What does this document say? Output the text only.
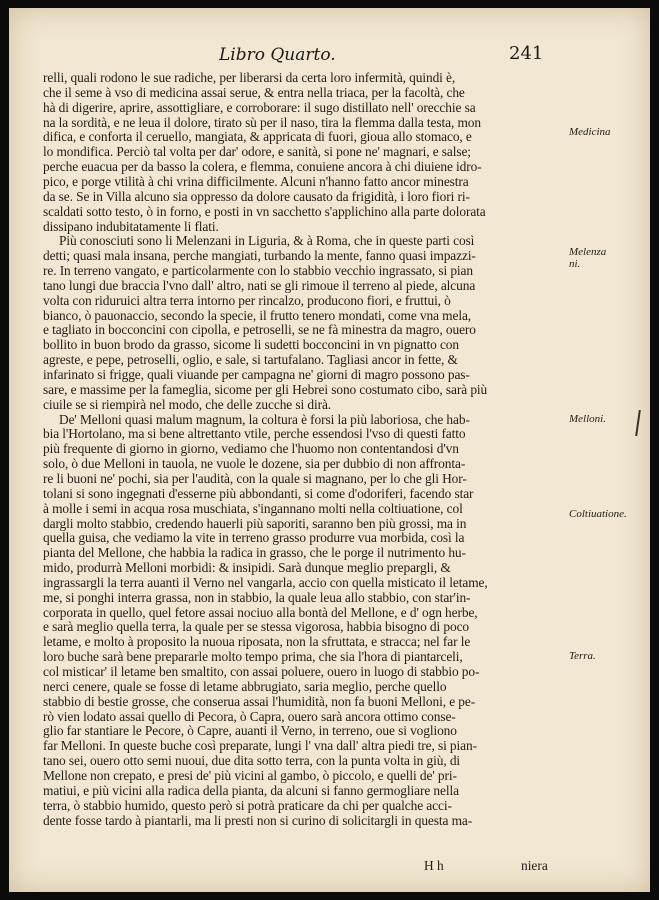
Libro Quarto.	241
relli, quali rodono le sue radiche, per liberarsi da certa loro infermità, quindi è,
che il seme à vso di medicina assai serue, & entra nella triaca, per la facoltà, che
hà di digerire, aprire, assottigliare, e corroborare: il sugo distillato nell' orecchie sa
na la sordità, e ne leua il dolore, tirato sù per il naso, tira la flemma dalla testa, mon
difica, e conforta il ceruello, mangiata, & appricata di fuori, gioua allo stomaco, e
lo mondifica. Perciò tal volta per dar' odore, e sanità, si pone ne' magnari, e salse;
perche euacua per da basso la colera, e flemma, conuiene ancora à chi diuiene idro-
pico, e porge vtilità à chi vrina difficilmente. Alcuni n'hanno fatto ancor minestra
da se. Se in Villa alcuno sia oppresso da dolore causato da frigidità, i loro fiori ri-
scaldati sotto testo, ò in forno, e posti in vn sacchetto s'applichino alla parte dolorata
dissipano indubitatamente li flati.
Più conosciuti sono li Melenzani in Liguria, & à Roma, che in queste parti così
detti; quasi mala insana, perche mangiati, turbando la mente, fanno quasi impazzi-
re. In terreno vangato, e particolarmente con lo stabbio vecchio ingrassato, si pian
tano lungi due braccia l'vno dall' altro, nati se gli rimoue il terreno al piede, alcuna
volta con riduruici altra terra intorno per rincalzo, producono fiori, e fruttui, ò
bianco, ò pauonaccio, secondo la specie, il frutto tenero mondati, come vna mela,
e tagliato in bocconcini con cipolla, e petroselli, se ne fà minestra da magro, ouero
bollito in buon brodo da grasso, sicome li sudetti bocconcini in vn pignatto con
agreste, e pepe, petroselli, oglio, e sale, si tartufalano. Tagliasi ancor in fette, &
infarinato si frigge, quali viuande per campagna ne' giorni di magro possono pas-
sare, e massime per la fameglia, sicome per gli Hebrei sono costumato cibo, sarà più
ciuile se si riempirà nel modo, che delle zucche si dirà.
De' Melloni quasi malum magnum, la coltura è forsi la più laboriosa, che hab-
bia l'Hortolano, ma si bene altrettanto vtile, perche essendosi l'vso di questi fatto
più frequente di giorno in giorno, vediamo che l'huomo non contentandosi d'vn
solo, ò due Melloni in tauola, ne vuole le dozene, sia per dubbio di non affronta-
re li buoni ne' pochi, sia per l'audità, con la quale si magnano, per lo che gli Hor-
tolani si sono ingegnati d'esserne più abbondanti, si come d'odoriferi, facendo star
à molle i semi in acqua rosa muschiata, s'ingannano molti nella coltiuatione, col
dargli molto stabbio, credendo hauerli più saporiti, saranno ben più grossi, ma in
quella guisa, che vediamo la vite in terreno grasso produrre vua morbida, così la
pianta del Mellone, che habbia la radica in grasso, che le porge il nutrimento hu-
mido, produrrà Melloni morbidi: & insipidi. Sarà dunque meglio prepargli, &
ingrassargli la terra auanti il Verno nel vangarla, accio con quella misticato il letame,
me, si ponghi interra grassa, non in stabbio, la quale leua allo stabbio, con star'in-
corporata in quello, quel fetore assai nociuo alla bontà del Mellone, e d' ogn herbe,
e sarà meglio quella terra, la quale per se stessa vigorosa, habbia bisogno di poco
letame, e molto à proposito la nuoua riposata, non la sfruttata, e stracca; nel far le
loro buche sarà bene prepararle molto tempo prima, che sia l'hora di piantarceli,
col misticar' il letame ben smaltito, con assai poluere, ouero in luogo di stabbio po-
nerci cenere, quale se fosse di letame abbrugiato, saria meglio, perche quello
stabbio di bestie grosse, che conserua assai l'humidità, non fa buoni Melloni, e pe-
rò vien lodato assai quello di Pecora, ò Capra, ouero sarà ancora ottimo conse-
glio far stantiare le Pecore, ò Capre, auanti il Verno, in terreno, oue si vogliono
far Melloni. In queste buche così preparate, lungi l' vna dall' altra piedi tre, si pian-
tano sei, ouero otto semi nuoui, due dita sotto terra, con la punta volta in giù, di
Mellone non crepato, e presi de' più vicini al gambo, ò piccolo, e quelli de' pri-
matiui, e più vicini alla radica della pianta, da alcuni si fanno germogliare nella
terra, ò stabbio humido, questo però si potrà praticare da chi per qualche acci-
dente fosse tardo à piantarli, ma li presti non si curino di solicitargli in questa ma-
Medicina
Melenza ni.
Melloni.
Coltiuatione.
Terra.
H h	niera
